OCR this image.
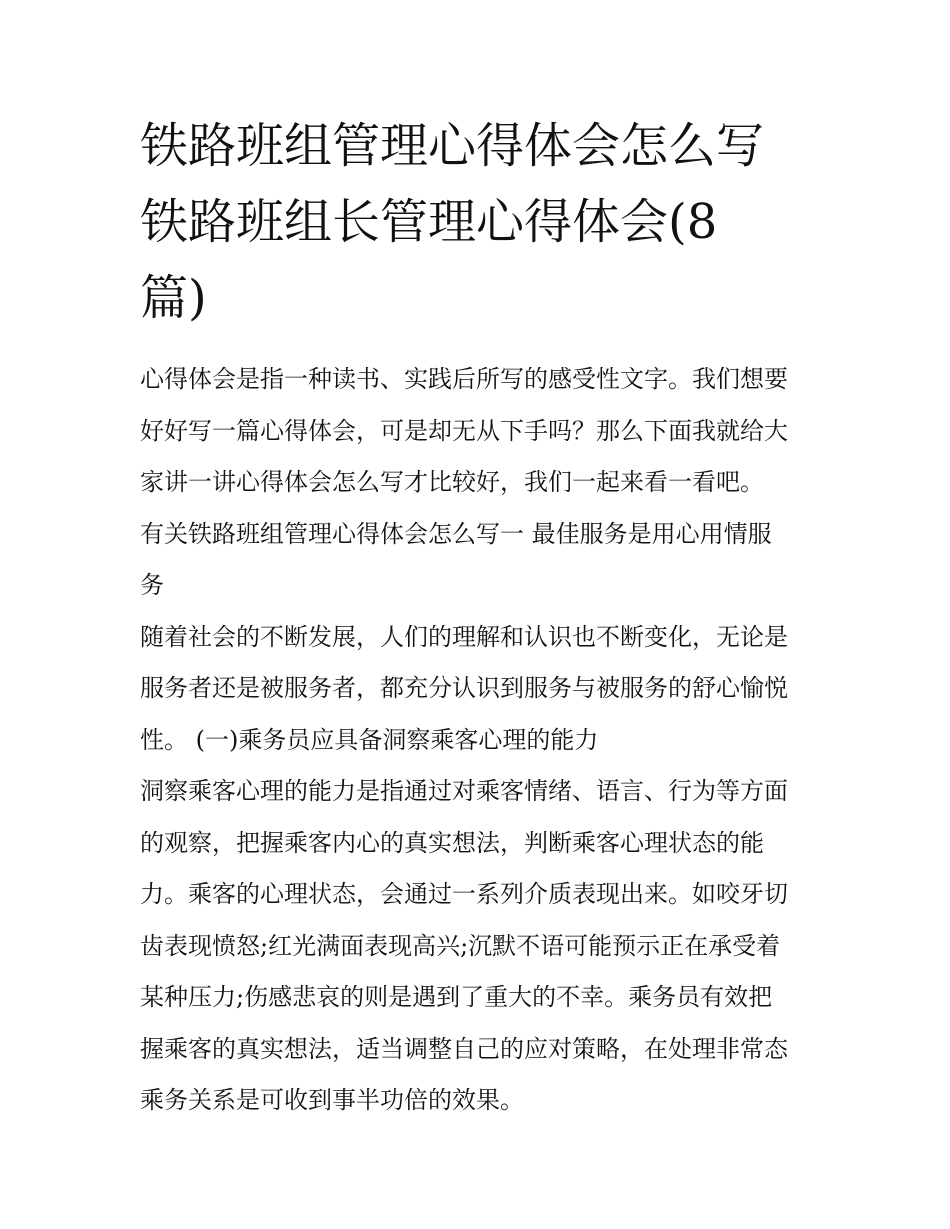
铁路班组管理心得体会怎么写
铁路班组长管理心得体会(8
篇)

心得体会是指一种读书、实践后所写的感受性文字。我们想要
好好写一篇心得体会，可是却无从下手吗？那么下面我就给大
家讲一讲心得体会怎么写才比较好，我们一起来看一看吧。

有关铁路班组管理心得体会怎么写一 最佳服务是用心用情服
务

随着社会的不断发展，人们的理解和认识也不断变化，无论是
服务者还是被服务者，都充分认识到服务与被服务的舒心愉悦
性。 (一)乘务员应具备洞察乘客心理的能力

洞察乘客心理的能力是指通过对乘客情绪、语言、行为等方面
的观察，把握乘客内心的真实想法，判断乘客心理状态的能
力。乘客的心理状态，会通过一系列介质表现出来。如咬牙切
齿表现愤怒;红光满面表现高兴;沉默不语可能预示正在承受着
某种压力;伤感悲哀的则是遇到了重大的不幸。乘务员有效把
握乘客的真实想法，适当调整自己的应对策略，在处理非常态
乘务关系是可收到事半功倍的效果。
